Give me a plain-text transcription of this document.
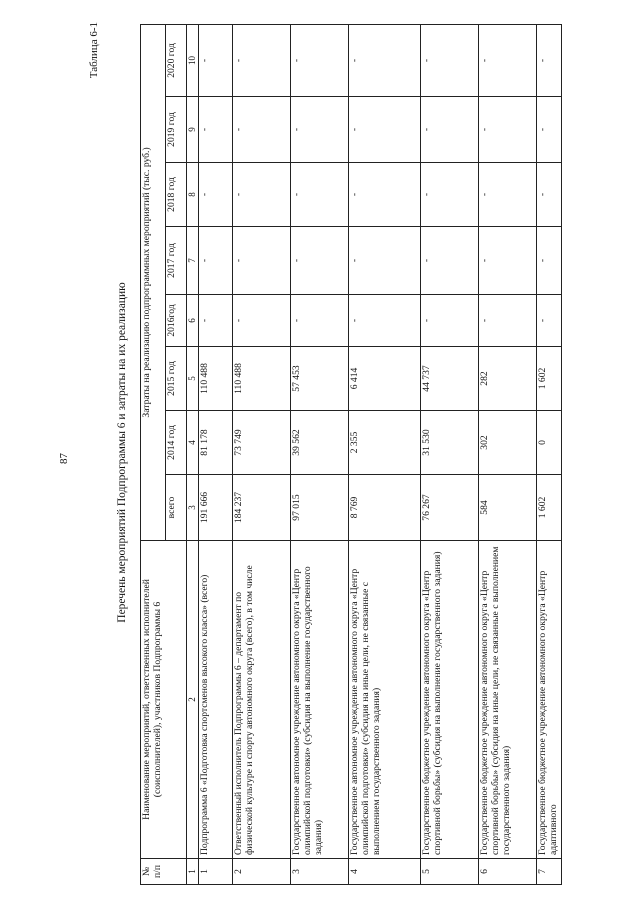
87
Таблица 6-1
Перечень мероприятий Подпрограммы 6 и затраты на их реализацию
№ п/п	Наименование мероприятий, ответственных исполнителей (соисполнителей), участников Подпрограммы 6	Затраты на реализацию подпрограммных мероприятий (тыс. руб.)							
		всего	2014 год	2015 год	2016год	2017 год	2018 год	2019 год	2020 год
1	2	3	4	5	6	7	8	9	10
1	Подпрограмма 6 «Подготовка спортсменов высокого класса» (всего)	191 666	81 178	110 488	-	-	-	-	-
2	Ответственный исполнитель Подпрограммы 6 – департамент по физической культуре и спорту автономного округа (всего), в том числе	184 237	73 749	110 488	-	-	-	-	-
3	Государственное автономное учреждение автономного округа «Центр олимпийской подготовки» (субсидия на выполнение государственного задания)	97 015	39 562	57 453	-	-	-	-	-
4	Государственное автономное учреждение автономного округа «Центр олимпийской подготовки» (субсидия на иные цели, не связанные с выполнением государственного задания)	8 769	2 355	6 414	-	-	-	-	-
5	Государственное бюджетное учреждение автономного округа «Центр спортивной борьбы» (субсидия на выполнение государственного задания)	76 267	31 530	44 737	-	-	-	-	-
6	Государственное бюджетное учреждение автономного округа «Центр спортивной борьбы» (субсидия на иные цели, не связанные с выполнением государственного задания)	584	302	282	-	-	-	-	-
7	Государственное бюджетное учреждение автономного округа «Центр адаптивного	1 602	0	1 602	-	-	-	-	-
